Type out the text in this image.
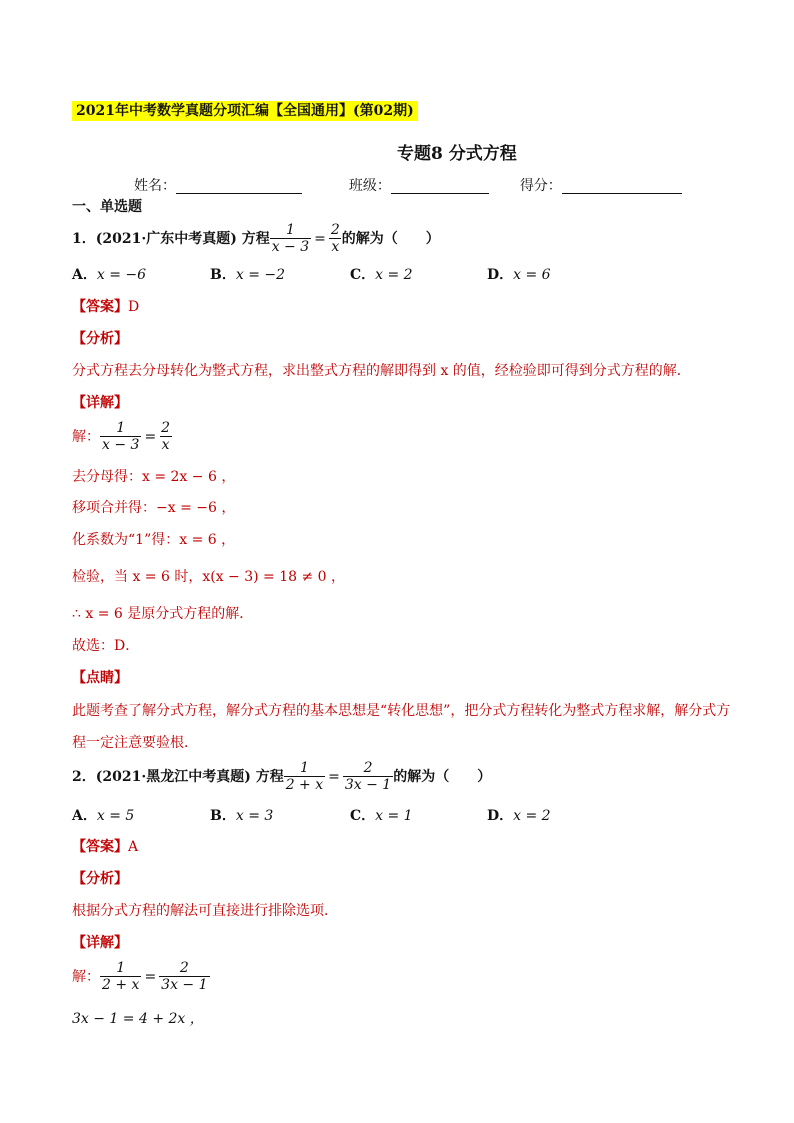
2021年中考数学真题分项汇编【全国通用】(第02期)
专题8 分式方程
姓名：	班级：	得分：
一、单选题
1．(2021·广东中考真题) 方程 $\frac{1}{x - 3} = \frac{2}{x}$ 的解为（　　）
A．x = −6	B．x = −2	C．x = 2	D．x = 6
【答案】D
【分析】
分式方程去分母转化为整式方程，求出整式方程的解即得到 x 的值，经检验即可得到分式方程的解．
【详解】
解： $\frac{1}{x - 3} = \frac{2}{x}$
去分母得：x = 2x − 6 ，
移项合并得：−x = −6 ，
化系数为“1”得：x = 6 ，
检验，当 x = 6 时，x(x − 3) = 18 ≠ 0 ，
∴ x = 6 是原分式方程的解．
故选：D．
【点睛】
此题考查了解分式方程，解分式方程的基本思想是“转化思想”，把分式方程转化为整式方程求解，解分式方
程一定注意要验根．
2．(2021·黑龙江中考真题) 方程 $\frac{1}{2 + x} = \frac{2}{3x - 1}$ 的解为（　　）
A．x = 5	B．x = 3	C．x = 1	D．x = 2
【答案】A
【分析】
根据分式方程的解法可直接进行排除选项．
【详解】
解： $\frac{1}{2 + x} = \frac{2}{3x - 1}$
3x − 1 = 4 + 2x ，
